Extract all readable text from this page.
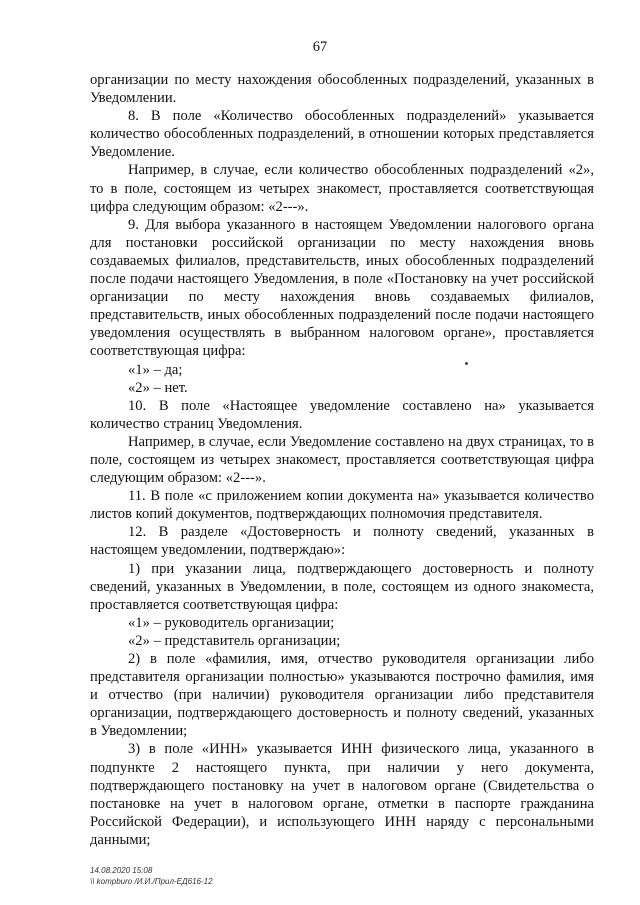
67

организации по месту нахождения обособленных подразделений, указанных в Уведомлении.

8. В поле «Количество обособленных подразделений» указывается количество обособленных подразделений, в отношении которых представляется Уведомление.

Например, в случае, если количество обособленных подразделений «2», то в поле, состоящем из четырех знакомест, проставляется соответствующая цифра следующим образом: «2---».

9. Для выбора указанного в настоящем Уведомлении налогового органа для постановки российской организации по месту нахождения вновь создаваемых филиалов, представительств, иных обособленных подразделений после подачи настоящего Уведомления, в поле «Постановку на учет российской организации по месту нахождения вновь создаваемых филиалов, представительств, иных обособленных подразделений после подачи настоящего уведомления осуществлять в выбранном налоговом органе», проставляется соответствующая цифра:

«1» – да;

«2» – нет.

10. В поле «Настоящее уведомление составлено на» указывается количество страниц Уведомления.

Например, в случае, если Уведомление составлено на двух страницах, то в поле, состоящем из четырех знакомест, проставляется соответствующая цифра следующим образом: «2---».

11. В поле «с приложением копии документа на» указывается количество листов копий документов, подтверждающих полномочия представителя.

12. В разделе «Достоверность и полноту сведений, указанных в настоящем уведомлении, подтверждаю»:

1) при указании лица, подтверждающего достоверность и полноту сведений, указанных в Уведомлении, в поле, состоящем из одного знакоместа, проставляется соответствующая цифра:

«1» – руководитель организации;

«2» – представитель организации;

2) в поле «фамилия, имя, отчество руководителя организации либо представителя организации полностью» указываются построчно фамилия, имя и отчество (при наличии) руководителя организации либо представителя организации, подтверждающего достоверность и полноту сведений, указанных в Уведомлении;

3) в поле «ИНН» указывается ИНН физического лица, указанного в подпункте 2 настоящего пункта, при наличии у него документа, подтверждающего постановку на учет в налоговом органе (Свидетельства о постановке на учет в налоговом органе, отметки в паспорте гражданина Российской Федерации), и использующего ИНН наряду с персональными данными;

14.08.2020 15:08
\\ kompburo /И.И./Прил-ЕД616-12
